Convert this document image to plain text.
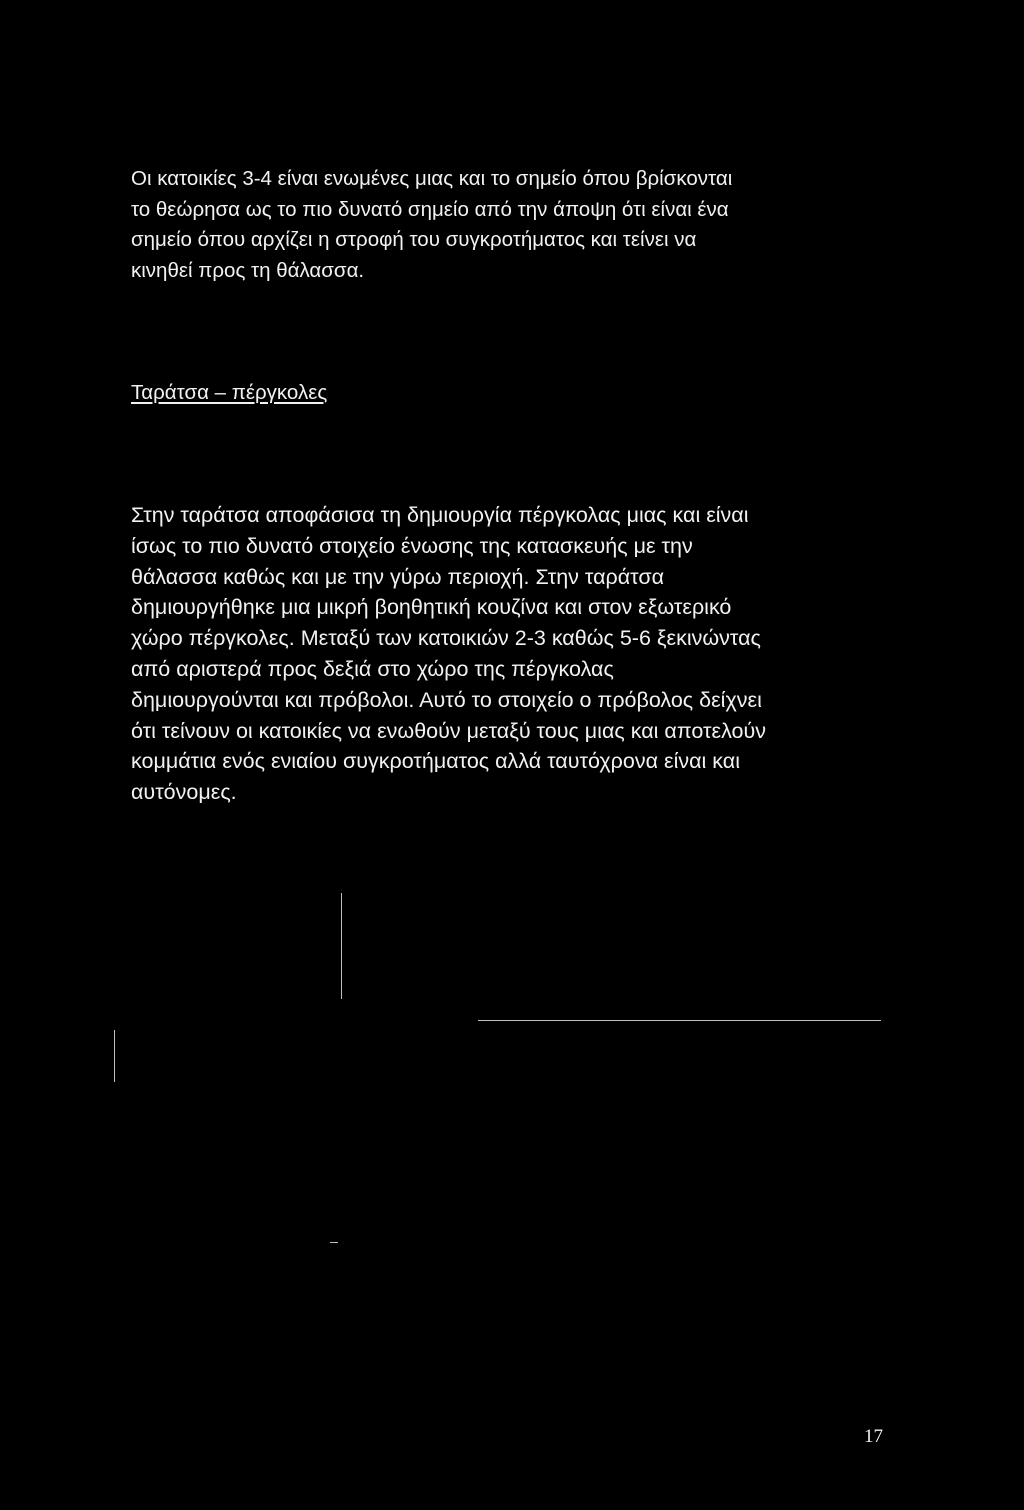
Οι κατοικίες 3-4 είναι ενωμένες μιας και το σημείο όπου βρίσκονται
το θεώρησα ως το πιο δυνατό σημείο από την άποψη ότι είναι ένα
σημείο όπου αρχίζει η στροφή του συγκροτήματος και τείνει να
κινηθεί προς τη θάλασσα.

Ταράτσα – πέργκολες

Στην ταράτσα αποφάσισα τη δημιουργία πέργκολας μιας και είναι
ίσως το πιο δυνατό στοιχείο ένωσης της κατασκευής με την
θάλασσα καθώς και με την γύρω περιοχή. Στην ταράτσα
δημιουργήθηκε μια μικρή βοηθητική κουζίνα και στον εξωτερικό
χώρο πέργκολες. Μεταξύ των κατοικιών 2-3 καθώς 5-6 ξεκινώντας
από αριστερά προς δεξιά στο χώρο της πέργκολας
δημιουργούνται και πρόβολοι. Αυτό το στοιχείο ο πρόβολος δείχνει
ότι τείνουν οι κατοικίες να ενωθούν μεταξύ τους μιας και αποτελούν
κομμάτια ενός ενιαίου συγκροτήματος αλλά ταυτόχρονα είναι και
αυτόνομες.

17
